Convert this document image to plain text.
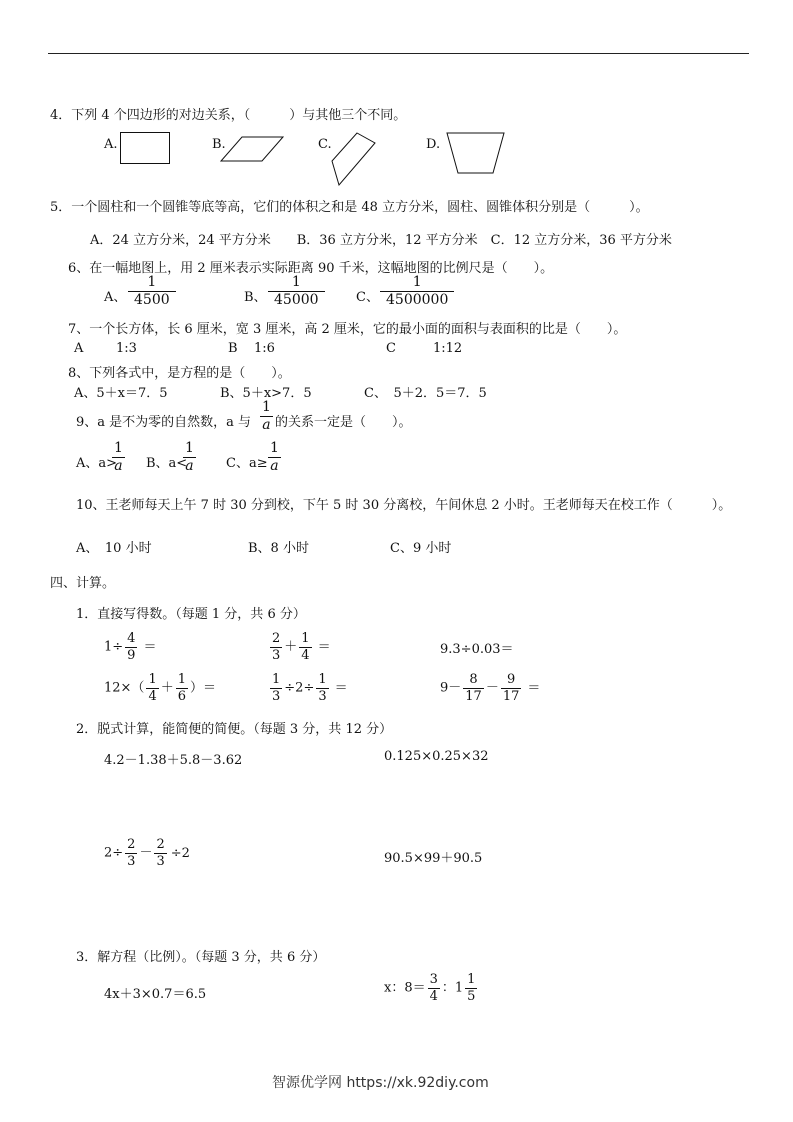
4．下列 4 个四边形的对边关系，（　　　）与其他三个不同。
A.	B.	C.	D.
5．一个圆柱和一个圆锥等底等高，它们的体积之和是 48 立方分米，圆柱、圆锥体积分别是（　　　）。
A．24 立方分米，24 平方分米　　B．36 立方分米，12 平方分米　C．12 立方分米，36 平方分米
6、在一幅地图上，用 2 厘米表示实际距离 90 千米，这幅地图的比例尺是（　　）。
A、 $\frac{1}{4500}$	B、 $\frac{1}{45000}$ C、 $\frac{1}{4500000}$
7、一个长方体，长 6 厘米，宽 3 厘米，高 2 厘米，它的最小面的面积与表面积的比是（　　）。
A	1:3	B 1:6	C	1:12
8、下列各式中，是方程的是（　　）。
A、5＋x＝7．5	B、5＋x>7．5	C、　5＋2．5＝7．5
9、a 是不为零的自然数，a 与 $\frac{1}{a}$ 的关系一定是（　　）。
A、a>
$\frac{1}{a}$ B、a<
$\frac{1}{a}$ C、$a\ge \frac{1}{a}$
10、王老师每天上午 7 时 30 分到校，下午 5 时 30 分离校，午间休息 2 小时。王老师每天在校工作（　　　）。
A、　10 小时	B、8 小时	C、9 小时
四、计算。
1．直接写得数。（每题 1 分，共 6 分）
$1\div \frac{4}{9}$ ＝	$\frac{2}{3} + \frac{1}{4}$ ＝	9.3÷0.03＝
$12\times( \frac{1}{4} + \frac{1}{6}$ ）＝	$\frac{1}{3} \div 2\div \frac{1}{3}$ ＝	$9- \frac{8}{17} - \frac{9}{17}$ ＝
2．脱式计算，能简便的简便。（每题 3 分，共 12 分）
4.2－1.38＋5.8－3.62	0.125×0.25×32
$2\div \frac{2}{3} - \frac{2}{3} \div 2$	90.5×99＋90.5
3．解方程（比例）。（每题 3 分，共 6 分）
4x＋3×0.7＝6.5	x：$8= \frac{3}{4}$ ：$1 \frac{1}{5}$
智源优学网 https://xk.92diy.com
